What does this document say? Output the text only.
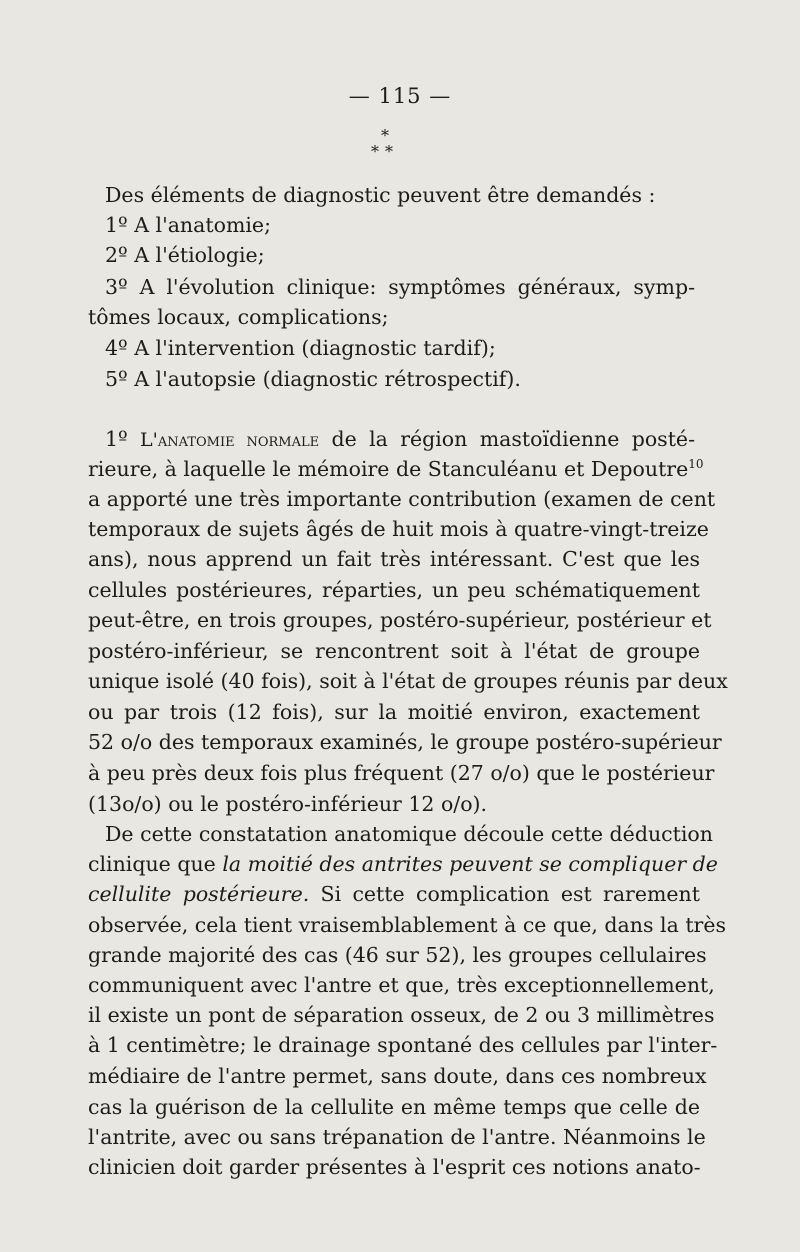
— 115 —
*
**
Des éléments de diagnostic peuvent être demandés :
1º A l'anatomie;
2º A l'étiologie;
3º A l'évolution clinique: symptômes généraux, symp-
tômes locaux, complications;
4º A l'intervention (diagnostic tardif);
5º A l'autopsie (diagnostic rétrospectif).
1º L'anatomie normale de la région mastoïdienne posté-
rieure, à laquelle le mémoire de Stanculéanu et Depoutre$^{10}$
a apporté une très importante contribution (examen de cent
temporaux de sujets âgés de huit mois à quatre-vingt-treize
ans), nous apprend un fait très intéressant. C'est que les
cellules postérieures, réparties, un peu schématiquement
peut-être, en trois groupes, postéro-supérieur, postérieur et
postéro-inférieur, se rencontrent soit à l'état de groupe
unique isolé (40 fois), soit à l'état de groupes réunis par deux
ou par trois (12 fois), sur la moitié environ, exactement
52 o/o des temporaux examinés, le groupe postéro-supérieur
à peu près deux fois plus fréquent (27 o/o) que le postérieur
(13o/o) ou le postéro-inférieur 12 o/o).
De cette constatation anatomique découle cette déduction
clinique que la moitié des antrites peuvent se compliquer de
cellulite postérieure. Si cette complication est rarement
observée, cela tient vraisemblablement à ce que, dans la très
grande majorité des cas (46 sur 52), les groupes cellulaires
communiquent avec l'antre et que, très exceptionnellement,
il existe un pont de séparation osseux, de 2 ou 3 millimètres
à 1 centimètre; le drainage spontané des cellules par l'inter-
médiaire de l'antre permet, sans doute, dans ces nombreux
cas la guérison de la cellulite en même temps que celle de
l'antrite, avec ou sans trépanation de l'antre. Néanmoins le
clinicien doit garder présentes à l'esprit ces notions anato-
